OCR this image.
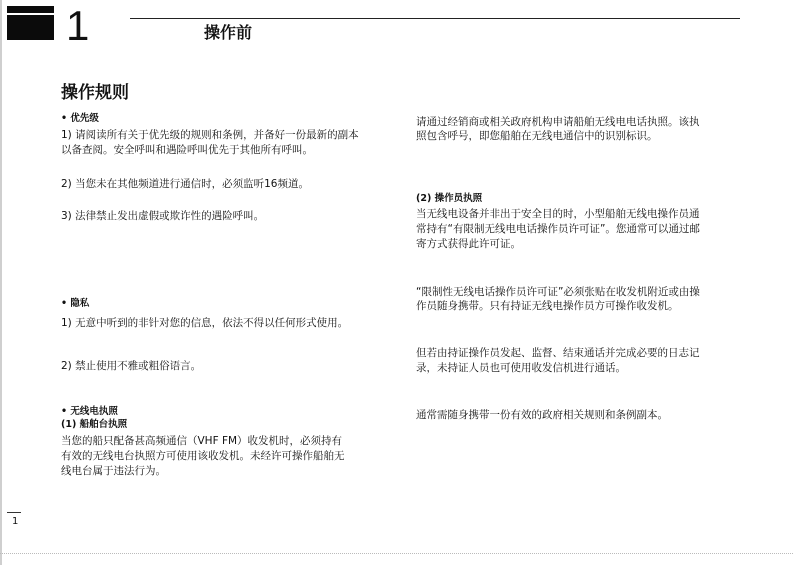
1	操作前
操作规则

• 优先级

1) 请阅读所有关于优先级的规则和条例，并备好一份最新的副本

以备查阅。安全呼叫和遇险呼叫优先于其他所有呼叫。

2) 当您未在其他频道进行通信时，必须监听16频道。

3) 法律禁止发出虚假或欺诈性的遇险呼叫。

• 隐私

1) 无意中听到的非针对您的信息，依法不得以任何形式使用。

2) 禁止使用不雅或粗俗语言。

• 无线电执照

(1) 船舶台执照

当您的船只配备甚高频通信（VHF FM）收发机时，必须持有

有效的无线电台执照方可使用该收发机。未经许可操作船舶无

线电台属于违法行为。

请通过经销商或相关政府机构申请船舶无线电电话执照。该执

照包含呼号，即您船舶在无线电通信中的识别标识。

(2) 操作员执照

当无线电设备并非出于安全目的时，小型船舶无线电操作员通

常持有“有限制无线电电话操作员许可证”。您通常可以通过邮

寄方式获得此许可证。

“限制性无线电话操作员许可证”必须张贴在收发机附近或由操

作员随身携带。只有持证无线电操作员方可操作收发机。

但若由持证操作员发起、监督、结束通话并完成必要的日志记

录，未持证人员也可使用收发信机进行通话。

通常需随身携带一份有效的政府相关规则和条例副本。

1
